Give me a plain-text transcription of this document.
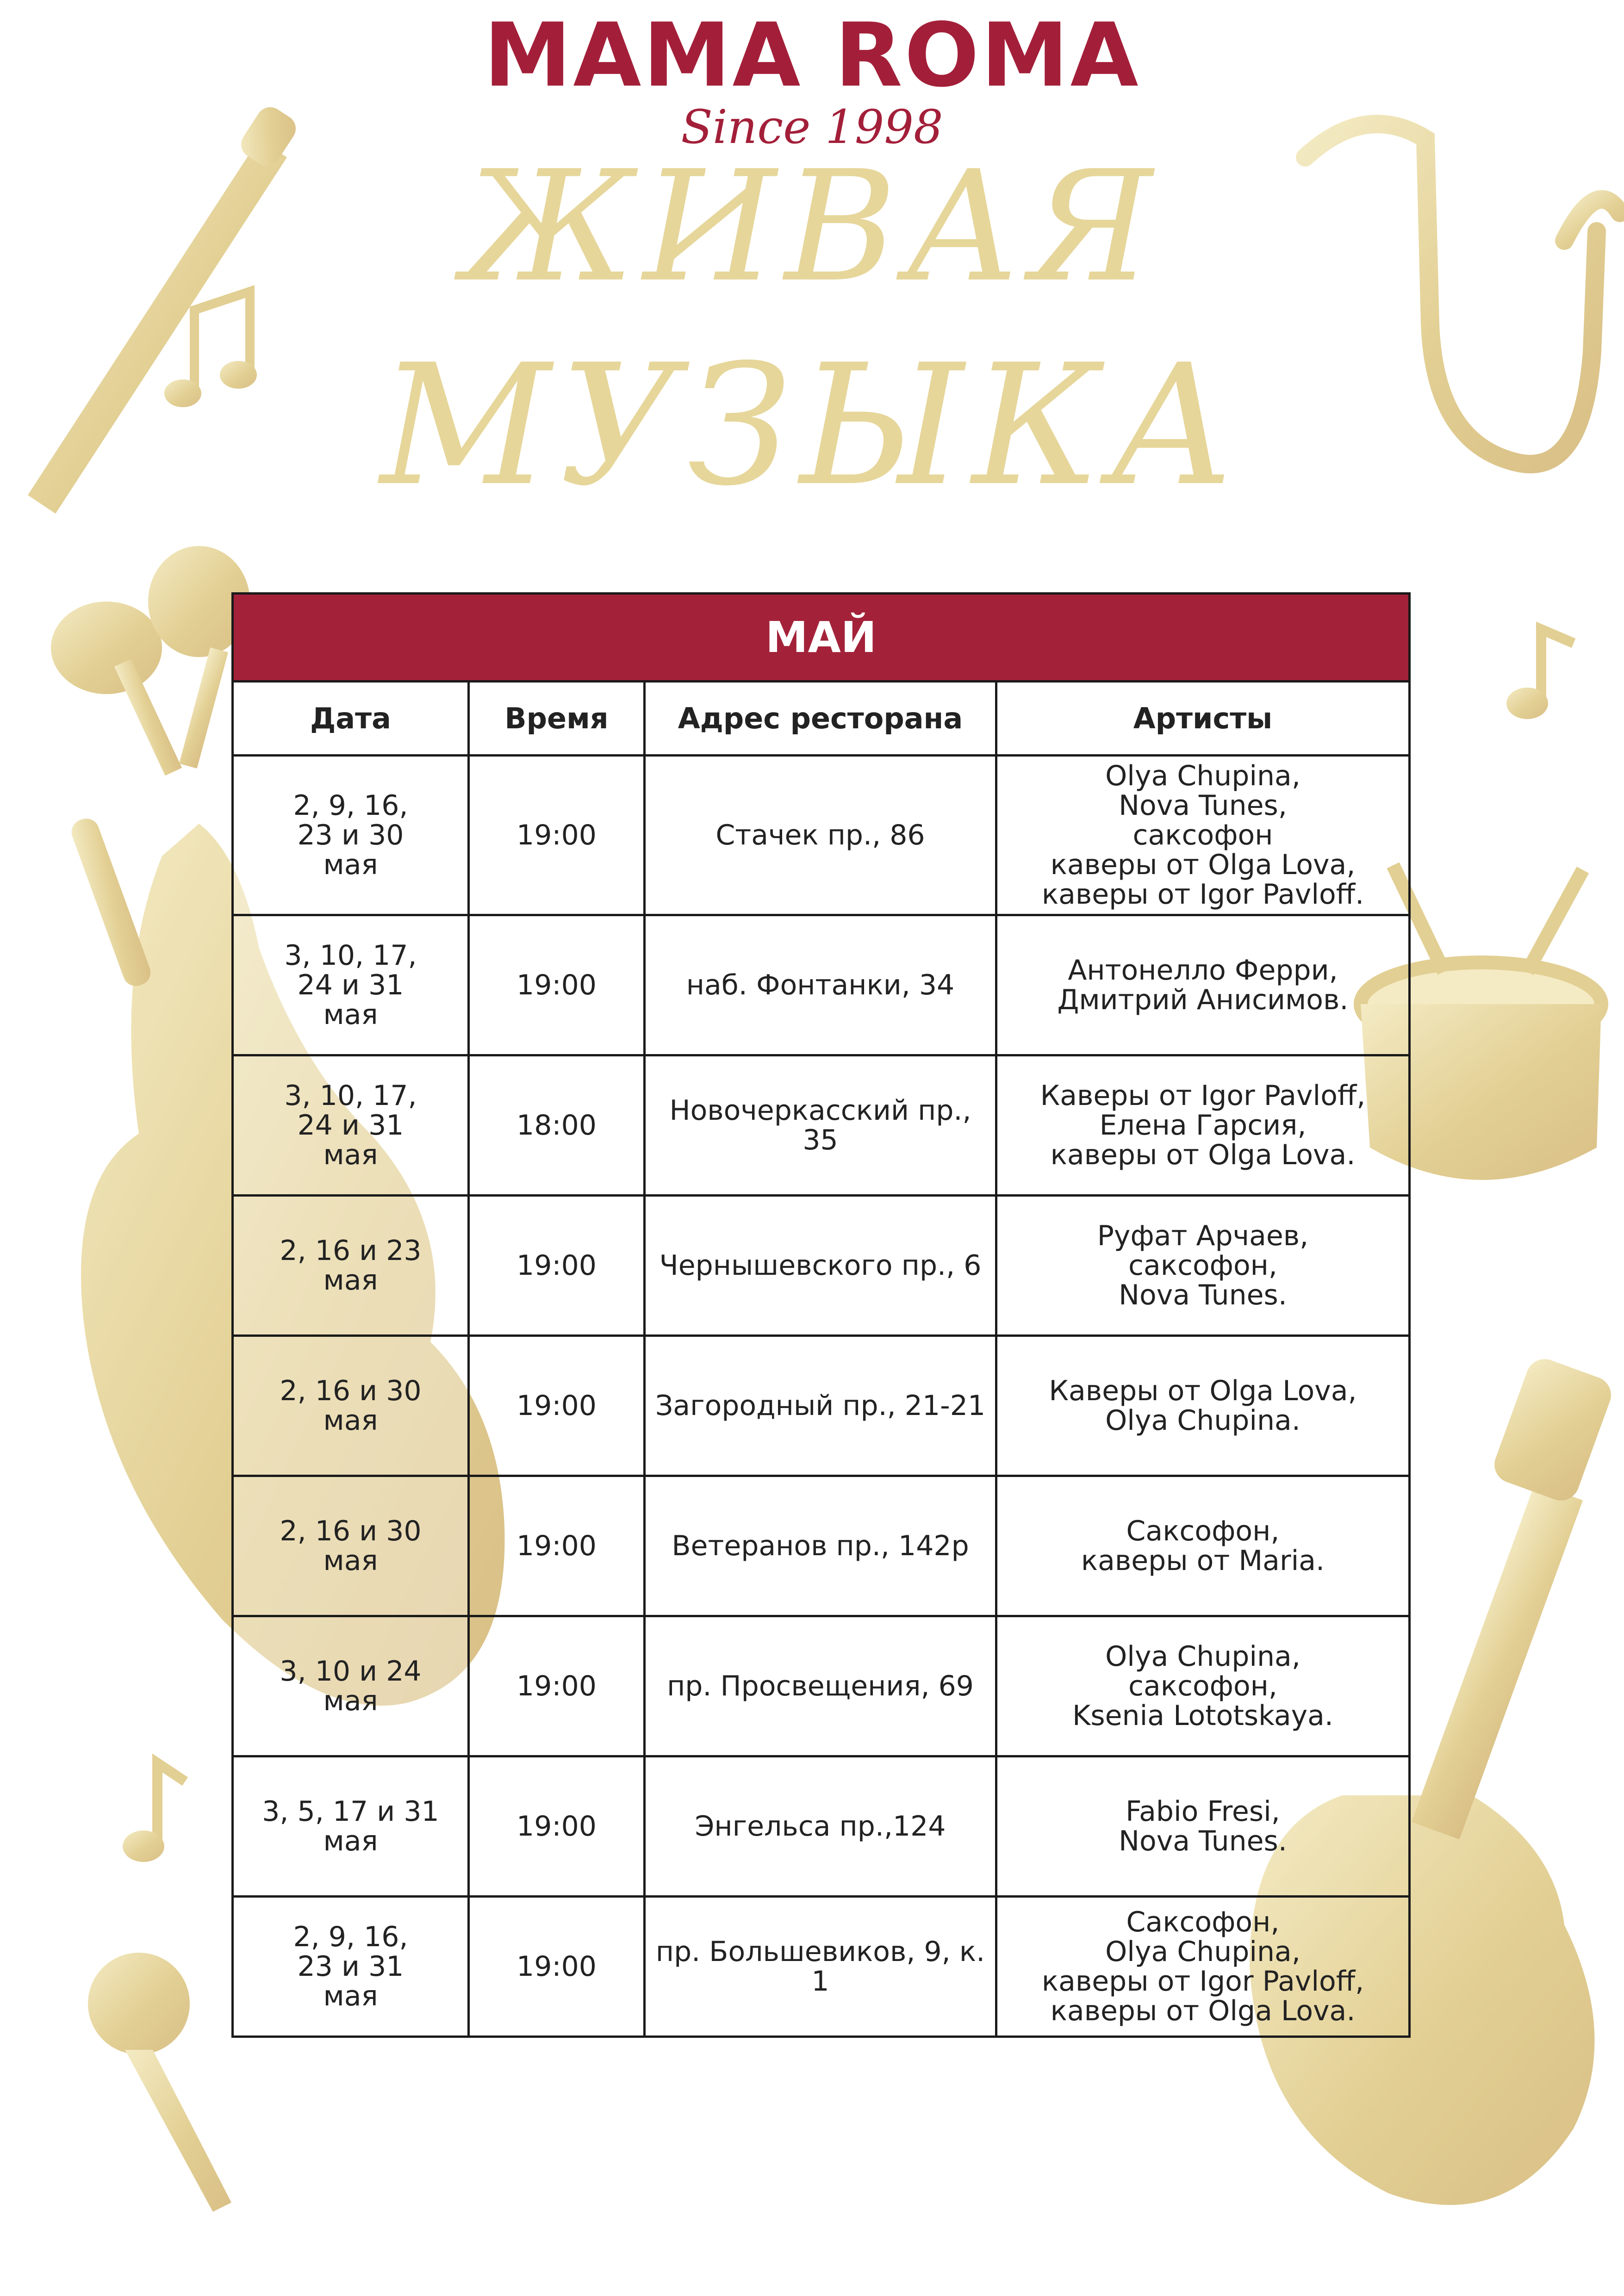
MAMA ROMA
Since 1998
ЖИВАЯ
МУЗЫКА
МАЙ			
Дата	Время	Адрес ресторана	Артисты

2, 9, 16,
23 и 30
мая	19:00	Стачек пр., 86	Olya Chupina,
Nova Tunes,
саксофон
каверы от Olga Lova,
каверы от Igor Pavloff.

3, 10, 17,
24 и 31
мая	19:00	наб. Фонтанки, 34	Антонелло Ферри,
Дмитрий Анисимов.

3, 10, 17,
24 и 31
мая	18:00	Новочеркасский пр., 35	Каверы от Igor Pavloff,
Елена Гарсия,
каверы от Olga Lova.

2, 16 и 23
мая	19:00	Чернышевского пр., 6	Руфат Арчаев,
саксофон,
Nova Tunes.

2, 16 и 30
мая	19:00	Загородный пр., 21-21	Каверы от Olga Lova,
Olya Chupina.

2, 16 и 30
мая	19:00	Ветеранов пр., 142р	Саксофон,
каверы от Maria.

3, 10 и 24
мая	19:00	пр. Просвещения, 69	Olya Chupina,
саксофон,
Ksenia Lototskaya.

3, 5, 17 и 31
мая	19:00	Энгельса пр.,124	Fabio Fresi,
Nova Tunes.

2, 9, 16,
23 и 31
мая	19:00	пр. Большевиков, 9, к. 1	Саксофон,
Olya Chupina,
каверы от Igor Pavloff,
каверы от Olga Lova.
